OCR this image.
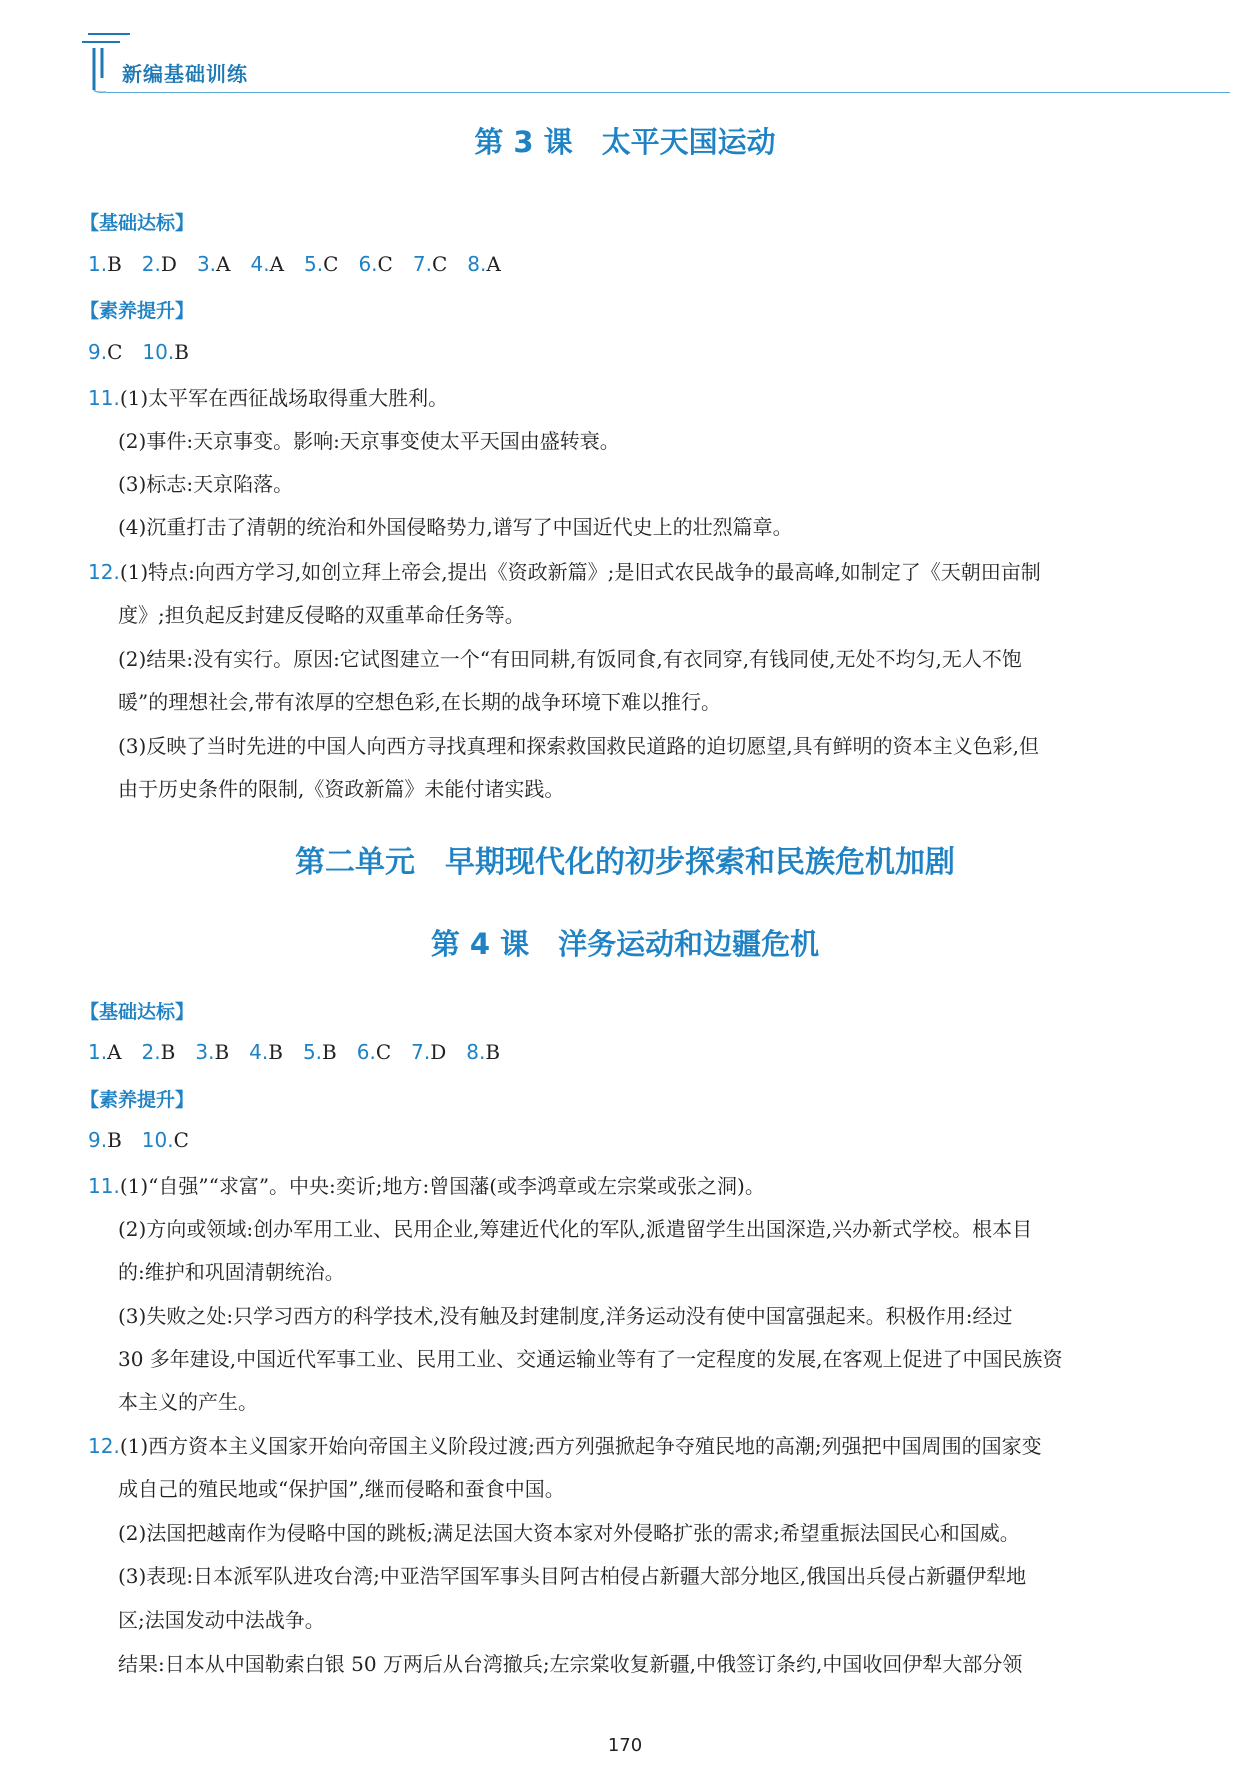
新编基础训练
第 3 课　太平天国运动
【基础达标】
1.B 2.D 3.A 4.A 5.C 6.C 7.C 8.A
【素养提升】
9.C 10.B
11.(1)太平军在西征战场取得重大胜利。
(2)事件:天京事变。影响:天京事变使太平天国由盛转衰。
(3)标志:天京陷落。
(4)沉重打击了清朝的统治和外国侵略势力,谱写了中国近代史上的壮烈篇章。
12.(1)特点:向西方学习,如创立拜上帝会,提出《资政新篇》;是旧式农民战争的最高峰,如制定了《天朝田亩制
度》;担负起反封建反侵略的双重革命任务等。
(2)结果:没有实行。原因:它试图建立一个“有田同耕,有饭同食,有衣同穿,有钱同使,无处不均匀,无人不饱
暖”的理想社会,带有浓厚的空想色彩,在长期的战争环境下难以推行。
(3)反映了当时先进的中国人向西方寻找真理和探索救国救民道路的迫切愿望,具有鲜明的资本主义色彩,但
由于历史条件的限制,《资政新篇》未能付诸实践。
第二单元　早期现代化的初步探索和民族危机加剧
第 4 课　洋务运动和边疆危机
【基础达标】
1.A 2.B 3.B 4.B 5.B 6.C 7.D 8.B
【素养提升】
9.B 10.C
11.(1)“自强”“求富”。中央:奕䜣;地方:曾国藩(或李鸿章或左宗棠或张之洞)。
(2)方向或领域:创办军用工业、民用企业,筹建近代化的军队,派遣留学生出国深造,兴办新式学校。根本目
的:维护和巩固清朝统治。
(3)失败之处:只学习西方的科学技术,没有触及封建制度,洋务运动没有使中国富强起来。积极作用:经过
30 多年建设,中国近代军事工业、民用工业、交通运输业等有了一定程度的发展,在客观上促进了中国民族资
本主义的产生。
12.(1)西方资本主义国家开始向帝国主义阶段过渡;西方列强掀起争夺殖民地的高潮;列强把中国周围的国家变
成自己的殖民地或“保护国”,继而侵略和蚕食中国。
(2)法国把越南作为侵略中国的跳板;满足法国大资本家对外侵略扩张的需求;希望重振法国民心和国威。
(3)表现:日本派军队进攻台湾;中亚浩罕国军事头目阿古柏侵占新疆大部分地区,俄国出兵侵占新疆伊犁地
区;法国发动中法战争。
结果:日本从中国勒索白银 50 万两后从台湾撤兵;左宗棠收复新疆,中俄签订条约,中国收回伊犁大部分领
170
